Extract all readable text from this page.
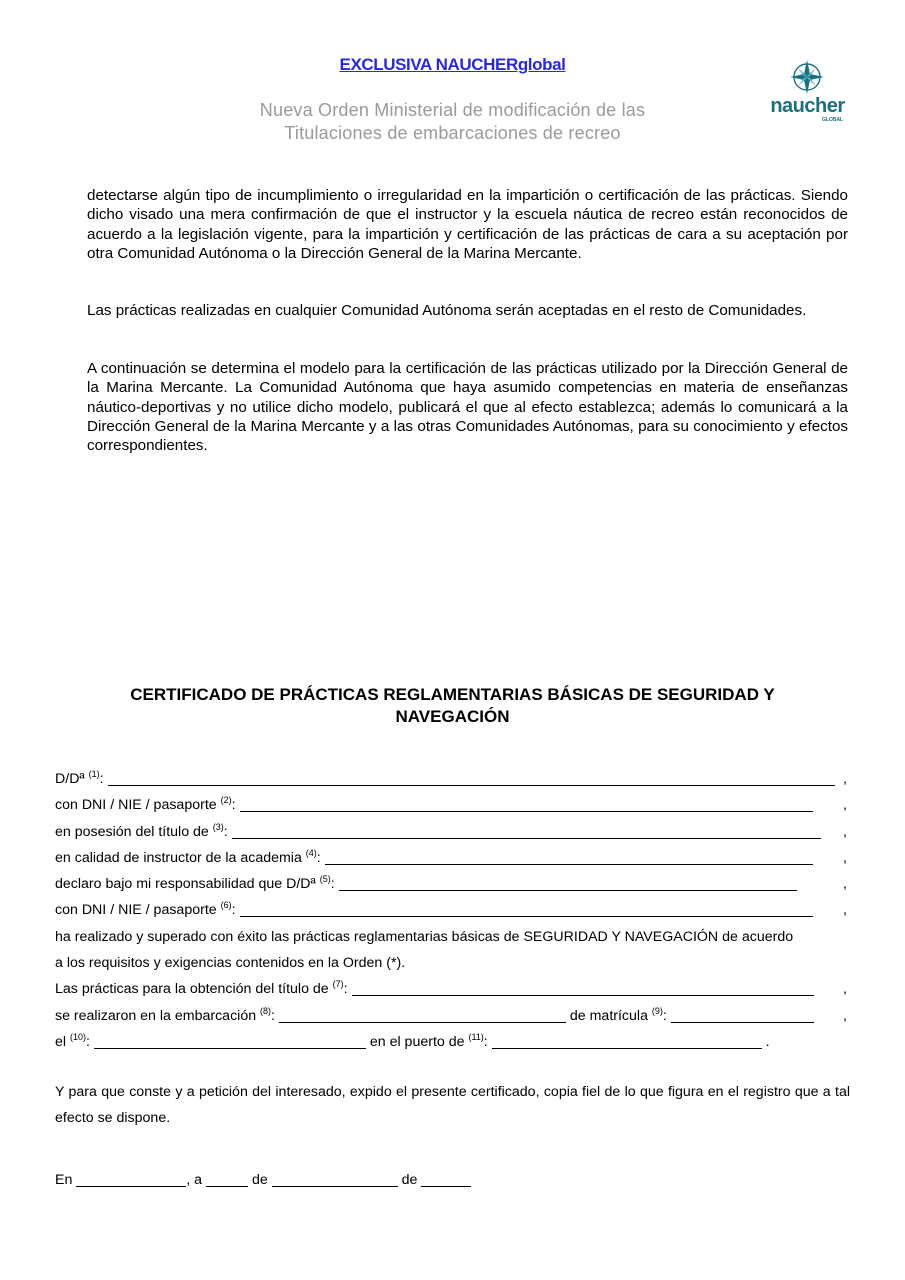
EXCLUSIVA NAUCHERglobal
Nueva Orden Ministerial de modificación de las
Titulaciones de embarcaciones de recreo
naucher
GLOBAL

detectarse algún tipo de incumplimiento o irregularidad en la impartición o certificación de las prácticas. Siendo dicho visado una mera confirmación de que el instructor y la escuela náutica de recreo están reconocidos de acuerdo a la legislación vigente, para la impartición y certificación de las prácticas de cara a su aceptación por otra Comunidad Autónoma o la Dirección General de la Marina Mercante.

Las prácticas realizadas en cualquier Comunidad Autónoma serán aceptadas en el resto de Comunidades.

A continuación se determina el modelo para la certificación de las prácticas utilizado por la Dirección General de la Marina Mercante. La Comunidad Autónoma que haya asumido competencias en materia de enseñanzas náutico-deportivas y no utilice dicho modelo, publicará el que al efecto establezca; además lo comunicará a la Dirección General de la Marina Mercante y a las otras Comunidades Autónomas, para su conocimiento y efectos correspondientes.

CERTIFICADO DE PRÁCTICAS REGLAMENTARIAS BÁSICAS DE SEGURIDAD Y
NAVEGACIÓN
D/Dª $^{(1)}$:	,
con DNI / NIE / pasaporte $^{(2)}$:	,
en posesión del título de $^{(3)}$:	,
en calidad de instructor de la academia $^{(4)}$:	,
declaro bajo mi responsabilidad que D/Dª $^{(5)}$:	,
con DNI / NIE / pasaporte $^{(6)}$:	,
ha realizado y superado con éxito las prácticas reglamentarias básicas de SEGURIDAD Y NAVEGACIÓN de acuerdo
a los requisitos y exigencias contenidos en la Orden (*).
Las prácticas para la obtención del título de $^{(7)}$:	,
se realizaron en la embarcación $^{(8)}$:	de matrícula $^{(9)}$:	,
el $^{(10)}$:	en el puerto de $^{(11)}$:	.

Y para que conste y a petición del interesado, expido el presente certificado, copia fiel de lo que figura en el registro que a tal efecto se dispone.

En	, a	de	de
